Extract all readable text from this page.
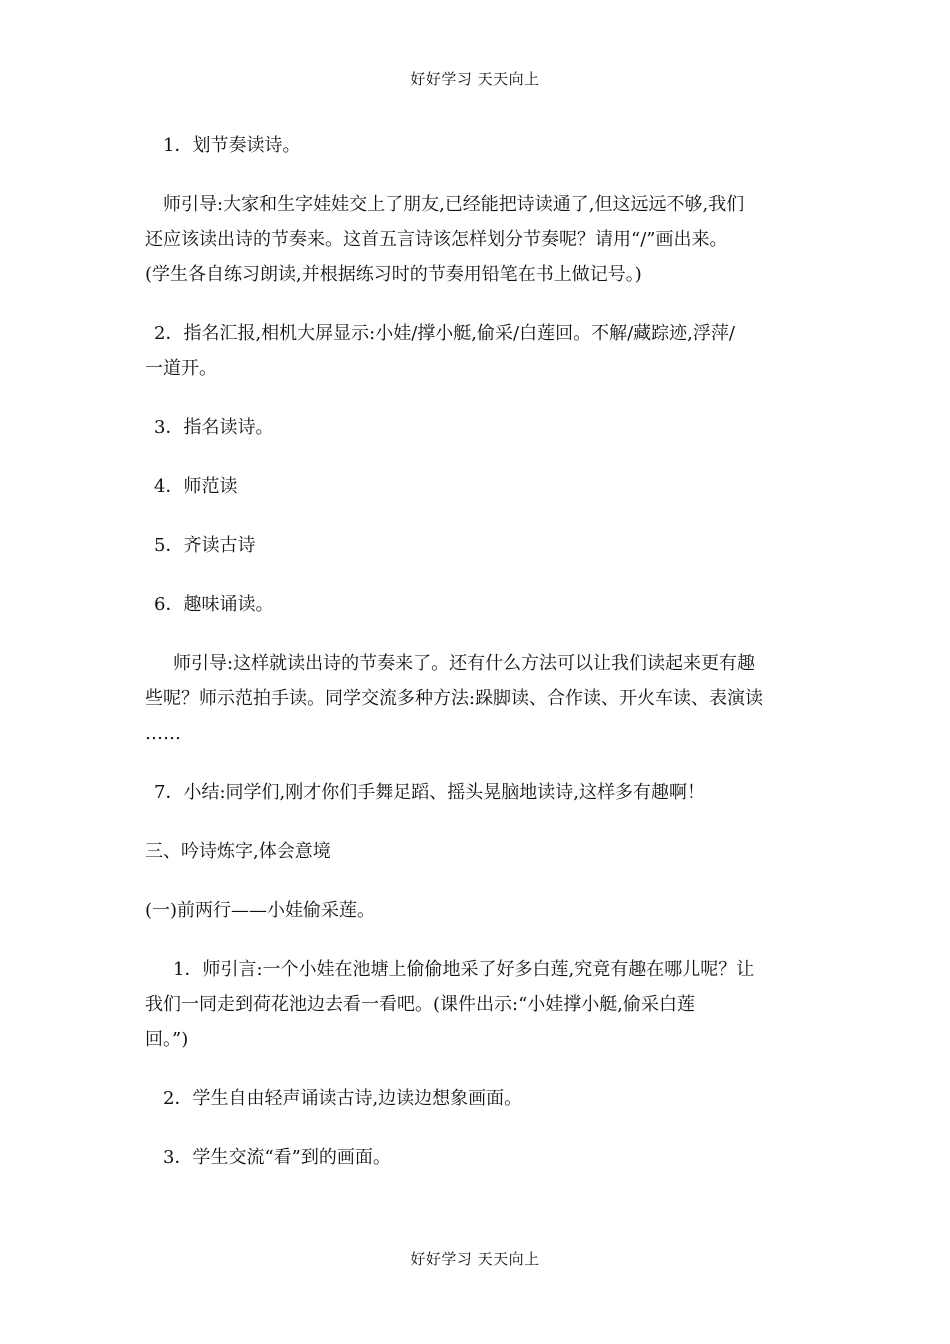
好好学习 天天向上

1．划节奏读诗。

师引导:大家和生字娃娃交上了朋友,已经能把诗读通了,但这远远不够,我们

还应该读出诗的节奏来。这首五言诗该怎样划分节奏呢？请用“/”画出来。

(学生各自练习朗读,并根据练习时的节奏用铅笔在书上做记号。)

2．指名汇报,相机大屏显示:小娃/撑小艇,偷采/白莲回。不解/藏踪迹,浮萍/

一道开。

3．指名读诗。

4．师范读

5．齐读古诗

6．趣味诵读。

师引导:这样就读出诗的节奏来了。还有什么方法可以让我们读起来更有趣

些呢？师示范拍手读。同学交流多种方法:跺脚读、合作读、开火车读、表演读

……

7．小结:同学们,刚才你们手舞足蹈、摇头晃脑地读诗,这样多有趣啊！

三、吟诗炼字,体会意境

(一)前两行——小娃偷采莲。

1．师引言:一个小娃在池塘上偷偷地采了好多白莲,究竟有趣在哪儿呢？让

我们一同走到荷花池边去看一看吧。(课件出示:“小娃撑小艇,偷采白莲

回。”)

2．学生自由轻声诵读古诗,边读边想象画面。

3．学生交流“看”到的画面。

好好学习 天天向上
